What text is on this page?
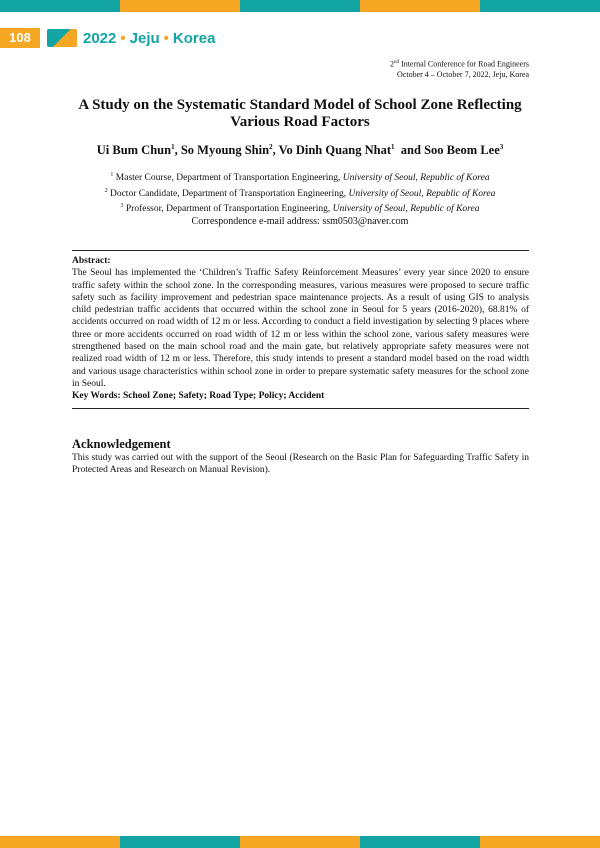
108	2022 • Jeju • Korea
2nd Internal Conference for Road Engineers
October 4 – October 7, 2022, Jeju, Korea
A Study on the Systematic Standard Model of School Zone Reflecting Various Road Factors
Ui Bum Chun$^1$, So Myoung Shin$^2$, Vo Dinh Quang Nhat$^1$  and Soo Beom Lee$^3$
$^1$ Master Course, Department of Transportation Engineering, University of Seoul, Republic of Korea
$^2$ Doctor Candidate, Department of Transportation Engineering, University of Seoul, Republic of Korea
$^3$ Professor, Department of Transportation Engineering, University of Seoul, Republic of Korea
Correspondence e-mail address: ssm0503@naver.com
Abstract:
The Seoul has implemented the ‘Children’s Traffic Safety Reinforcement Measures’ every year since 2020 to ensure traffic safety within the school zone. In the corresponding measures, various measures were proposed to secure traffic safety such as facility improvement and pedestrian space maintenance projects. As a result of using GIS to analysis child pedestrian traffic accidents that occurred within the school zone in Seoul for 5 years (2016-2020), 68.81% of accidents occurred on road width of 12 m or less. According to conduct a field investigation by selecting 9 places where three or more accidents occurred on road width of 12 m or less within the school zone, various safety measures were strengthened based on the main school road and the main gate, but relatively appropriate safety measures were not realized road width of 12 m or less. Therefore, this study intends to present a standard model based on the road width and various usage characteristics within school zone in order to prepare systematic safety measures for the school zone in Seoul.
Key Words: School Zone; Safety; Road Type; Policy; Accident
Acknowledgement
This study was carried out with the support of the Seoul (Research on the Basic Plan for Safeguarding Traffic Safety in Protected Areas and Research on Manual Revision).
